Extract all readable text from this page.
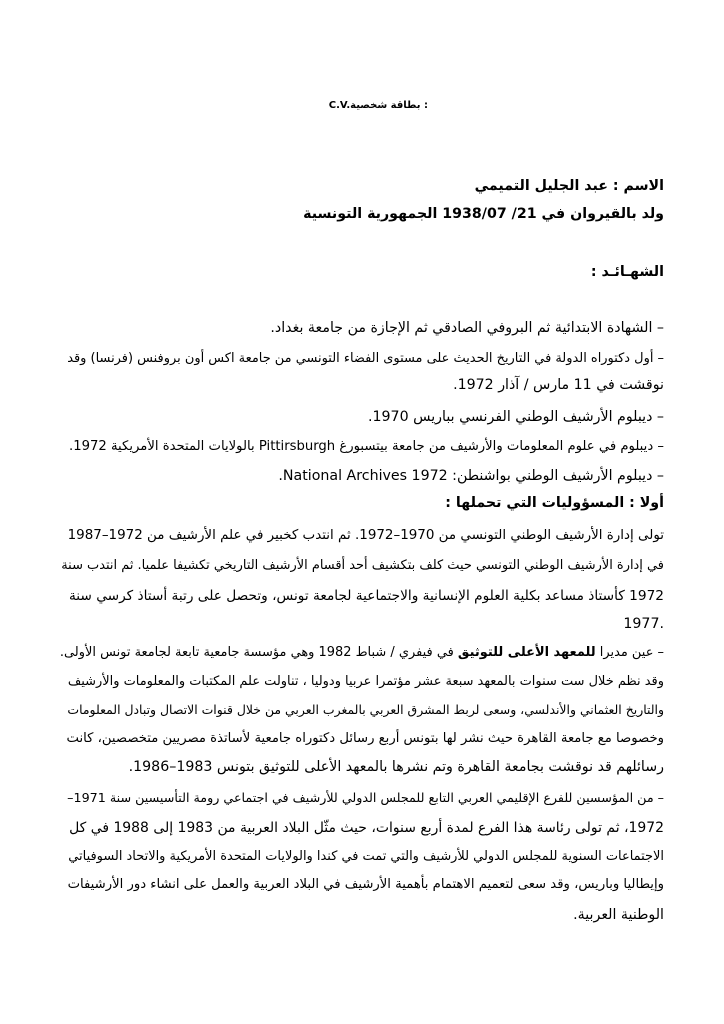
C.V.بطاقة شخصية :
الاسم : عبد الجليل التميمي
ولد بالقيروان في 21/ 1938/07 الجمهورية التونسية
الشهـائـد :
– الشهادة الابتدائية ثم البروفي الصادقي ثم الإجازة من جامعة بغداد.
– أول دكتوراه الدولة في التاريخ الحديث على مستوى الفضاء التونسي من جامعة اكس أون بروفنس (فرنسا) وقد
نوقشت في 11 مارس / آذار 1972.
– ديبلوم الأرشيف الوطني الفرنسي بباريس 1970.
– ديبلوم في علوم المعلومات والأرشيف من جامعة بيتسبورغ Pittirsburgh بالولايات المتحدة الأمريكية 1972.
– ديبلوم الأرشيف الوطني بواشنطن: 1972 National Archives.
أولا : المسؤوليات التي تحملها :
تولى إدارة الأرشيف الوطني التونسي من 1970–1972. ثم انتدب كخبير في علم الأرشيف من 1972–1987
في إدارة الأرشيف الوطني التونسي حيث كلف بتكشيف أحد أقسام الأرشيف التاريخي تكشيفا علميا. ثم انتدب سنة
1972 كأستاذ مساعد بكلية العلوم الإنسانية والاجتماعية لجامعة تونس، وتحصل على رتبة أستاذ كرسي سنة
1977.
– عين مديرا للمعهد الأعلى للتوثيق في فيفري / شباط 1982 وهي مؤسسة جامعية تابعة لجامعة تونس الأولى.
وقد نظم خلال ست سنوات بالمعهد سبعة عشر مؤتمرا عربيا ودوليا ، تناولت علم المكتبات والمعلومات والأرشيف
والتاريخ العثماني والأندلسي، وسعى لربط المشرق العربي بالمغرب العربي من خلال قنوات الاتصال وتبادل المعلومات
وخصوصا مع جامعة القاهرة حيث نشر لها بتونس أربع رسائل دكتوراه جامعية لأساتذة مصريين متخصصين، كانت
رسائلهم قد نوقشت بجامعة القاهرة وتم نشرها بالمعهد الأعلى للتوثيق بتونس 1983–1986.
– من المؤسسين للفرع الإقليمي العربي التابع للمجلس الدولي للأرشيف في اجتماعي رومة التأسيسين سنة 1971–
1972، ثم تولى رئاسة هذا الفرع لمدة أربع سنوات، حيث مثّل البلاد العربية من 1983 إلى 1988 في كل
الاجتماعات السنوية للمجلس الدولي للأرشيف والتي تمت في كندا والولايات المتحدة الأمريكية والاتحاد السوفياتي
وإيطاليا وباريس، وقد سعى لتعميم الاهتمام بأهمية الأرشيف في البلاد العربية والعمل على انشاء دور الأرشيفات
الوطنية العربية.
